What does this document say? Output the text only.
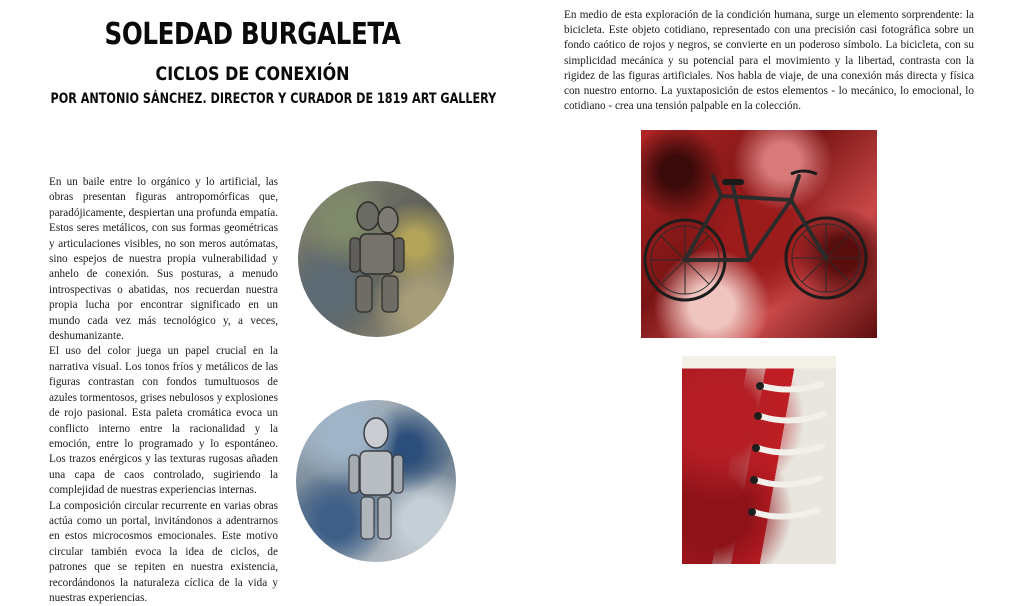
SOLEDAD BURGALETA
CICLOS DE CONEXIÓN
POR ANTONIO SÁNCHEZ. DIRECTOR Y CURADOR DE 1819 ART GALLERY

En un baile entre lo orgánico y lo artificial, las obras presentan figuras antropomórficas que, paradójicamente, despiertan una profunda empatía. Estos seres metálicos, con sus formas geométricas y articulaciones visibles, no son meros autómatas, sino espejos de nuestra propia vulnerabilidad y anhelo de conexión. Sus posturas, a menudo introspectivas o abatidas, nos recuerdan nuestra propia lucha por encontrar significado en un mundo cada vez más tecnológico y, a veces, deshumanizante.

El uso del color juega un papel crucial en la narrativa visual. Los tonos fríos y metálicos de las figuras contrastan con fondos tumultuosos de azules tormentosos, grises nebulosos y explosiones de rojo pasional. Esta paleta cromática evoca un conflicto interno entre la racionalidad y la emoción, entre lo programado y lo espontáneo. Los trazos enérgicos y las texturas rugosas añaden una capa de caos controlado, sugiriendo la complejidad de nuestras experiencias internas.

La composición circular recurrente en varias obras actúa como un portal, invitándonos a adentrarnos en estos microcosmos emocionales. Este motivo circular también evoca la idea de ciclos, de patrones que se repiten en nuestra existencia, recordándonos la naturaleza cíclica de la vida y nuestras experiencias.

En medio de esta exploración de la condición humana, surge un elemento sorprendente: la bicicleta. Este objeto cotidiano, representado con una precisión casi fotográfica sobre un fondo caótico de rojos y negros, se convierte en un poderoso símbolo. La bicicleta, con su simplicidad mecánica y su potencial para el movimiento y la libertad, contrasta con la rigidez de las figuras artificiales. Nos habla de viaje, de una conexión más directa y física con nuestro entorno. La yuxtaposición de estos elementos - lo mecánico, lo emocional, lo cotidiano - crea una tensión palpable en la colección.
